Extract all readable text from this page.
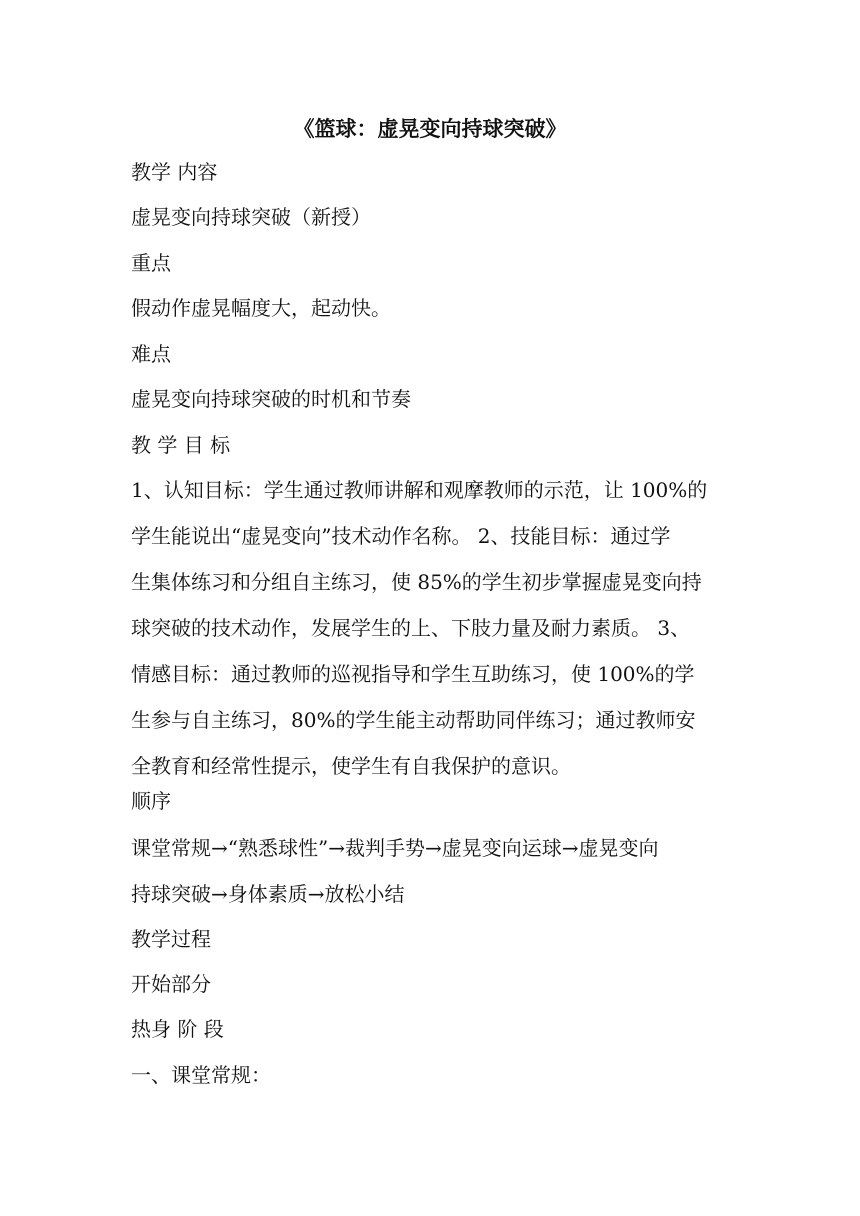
《篮球：虚晃变向持球突破》

教学 内容

虚晃变向持球突破（新授）

重点

假动作虚晃幅度大，起动快。

难点

虚晃变向持球突破的时机和节奏

教 学 目 标

1、认知目标：学生通过教师讲解和观摩教师的示范，让 100%的
学生能说出“虚晃变向”技术动作名称。 2、技能目标：通过学
生集体练习和分组自主练习，使 85%的学生初步掌握虚晃变向持
球突破的技术动作，发展学生的上、下肢力量及耐力素质。 3、
情感目标：通过教师的巡视指导和学生互助练习，使 100%的学
生参与自主练习，80%的学生能主动帮助同伴练习；通过教师安
全教育和经常性提示，使学生有自我保护的意识。

顺序

课堂常规→“熟悉球性”→裁判手势→虚晃变向运球→虚晃变向
持球突破→身体素质→放松小结

教学过程

开始部分

热身 阶 段

一、课堂常规：
